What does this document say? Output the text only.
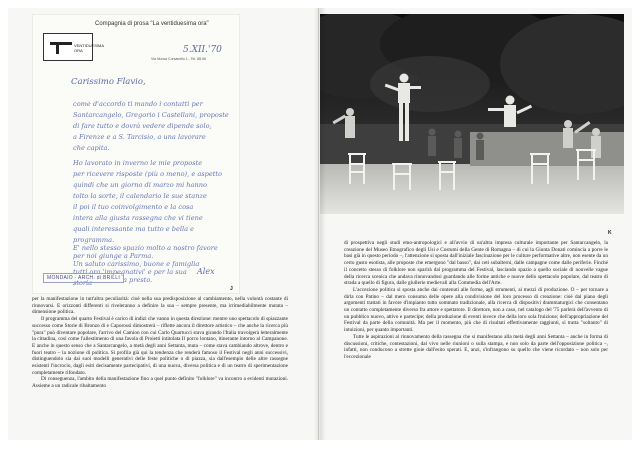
VENTIDUESIMA ORA
Compagnia di prosa "La ventiduesima ora"
Via Nuova Corsanello 1 - Tel. 88.96
5.XII.'70
Carissimo Flavio,
come d'accordo ti mando i contatti per
Santarcangelo, Gregorio i Castellani, proposte
di fare tutto e dovrà vedere dipende solo,
a Firenze e a S. Tarcisio, a una lavorare
che capita.
Ho lavorato in inverno le mie proposte
per ricevere risposte (più o meno), e aspetto
quindi che un giorno di marzo mi hanno
tolto la sorte, il calendario le sue stanze
il poi il tuo coinvolgimento e la cosa
intera alla giusta rassegna che vi tiene
quali interessante ma tutto e bella e
programma.
E' nello stesso spazio molto a nostro favore
per noi giunge a Parma.
Un saluto carissimo, buone e famiglia
tutti ora 'impegnativi' e per la sua storia	a presto.
Alex
MONDAIO - ARCH. di BRILLI
J

per la manifestazione in tutt'altra peculiarità: cioè nella sua predisposizione al cambiamento, nella volontà costante di rinnovarsi. E orizzonti differenti si riveleranno a definire la sua – sempre presente, ma irrimediabilmente mutata – dimensione politica.

Il programma del quarto Festival è carico di indizi che vanno in questa direzione: mentre uno spettacolo di spiazzante successo come Storie di Bronzo di e Caporossi dimostrerà – riflette ancora il direttore artistico – che anche la ricerca più "pura" può diventare popolare, l'arrivo del Camion con cui Carlo Quartucci stava girando l'Italia travolgerà letteralmente la cittadina, così come l'allestimento di una favola di Proietti intitolata Il porco lontano, itinerante intorno al Campanone. E anche in questo senso che a Santarcangelo, a metà degli anni Settanta, muta – come stava cambiando altrove, dentro e fuori teatro – la nozione di politica. Si profila già qui la tendenza che renderà famoso il Festival negli anni successivi, distinguendolo sia dai suoi modelli generativi delle feste politiche o di piazza, sia dall'esempio delle altre rassegne esistenti l'incrocio, dagli esiti decisamente partecipativi, di una nuova, diversa politica e di un teatro di sperimentazione completamente rifondato.

Di conseguenza, l'ambito della manifestazione fino a quel punto definito "folklore" va incontro a evidenti mutazioni. Assieme a un radicale ribaltamento

K

di prospettiva negli studi etno-antropologici e all'avvio di un'altra impresa culturale importante per Santarcangelo, la creazione del Museo Etnografico degli Usi e Costumi della Gente di Romagna – di cui la Giunta Donati comincia a porre le basi già in questo periodo –, l'attenzione si sposta dall'iniziale fascinazione per le culture performative altre, non esente da un certo gusto esotista, alle proposte che emergono "dal basso", dai ceti subalterni, dalle campagne come dalle periferie. Finché il concetto stesso di folklore non sparirà dal programma del Festival, lasciando spazio a quello sociale di nouvelle vague della ricerca scenica che andava rinnovandosi guardando alle forme antiche e nuove dello spettacolo popolare, dal teatro di strada a quello di figura, dalle giullerie medievali alla Commedia dell'Arte.

L'accezione politica si sposta anche dai contenuti alle forme, agli strumenti, ai mezzi di produzione. O – per tornare a dirla con Patino – dal mero consumo delle opere alla condivisione del loro processo di creazione: cioè dal piano degli argomenti trattati in favore d'impianto tutto sommato tradizionale, alla ricerca di dispositivi drammaturgici che consentano un contatto completamente diverso fra attore e spettatore. Il direttore, non a caso, nel catalogo del '75 parlerà dell'avvento di un pubblico nuovo, attivo e partecipe; della produzione di eventi invece che della loro sola fruizione; dell'appropriazione del Festival da parte della comunità. Ma per il momento, più che di risultati effettivamente raggiunti, si tratta "soltanto" di intuizioni, per quanto importanti.

Tutte le aspirazioni al rinnovamento della rassegna che si manifestano alla metà degli anni Settanta – anche in forma di discussioni, critiche, contestazioni, dal vivo nelle riunioni o sulla stampa, e non solo da parte dell'opposizione politica –, infatti, non conducono a strette gioie dall'esito sperati. E, anzi, s'infrangono su quello che viene ricordato – non solo per l'eccezionale
